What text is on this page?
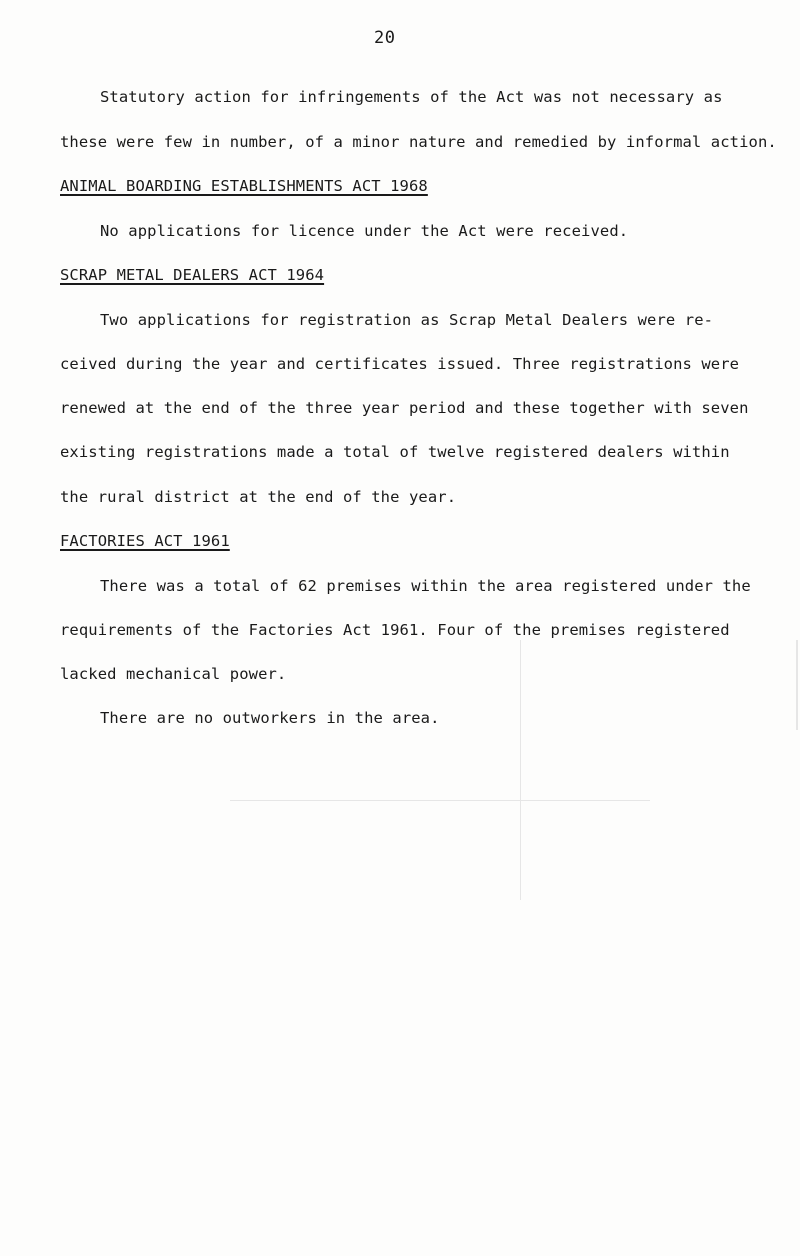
20
Statutory action for infringements of the Act was not necessary as
these were few in number, of a minor nature and remedied by informal action.
ANIMAL BOARDING ESTABLISHMENTS ACT 1968
No applications for licence under the Act were received.
SCRAP METAL DEALERS ACT 1964
Two applications for registration as Scrap Metal Dealers were re-
ceived during the year and certificates issued. Three registrations were
renewed at the end of the three year period and these together with seven
existing registrations made a total of twelve registered dealers within
the rural district at the end of the year.
FACTORIES ACT 1961
There was a total of 62 premises within the area registered under the
requirements of the Factories Act 1961. Four of the premises registered
lacked mechanical power.
There are no outworkers in the area.
